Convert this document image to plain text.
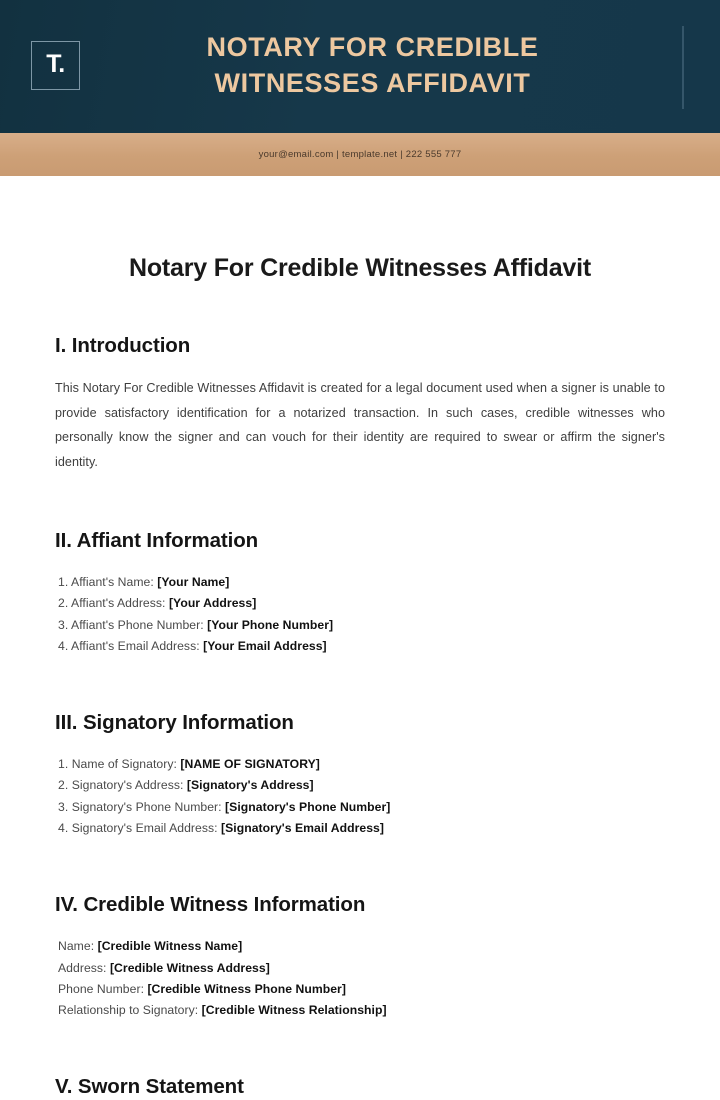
T.
NOTARY FOR CREDIBLE
WITNESSES AFFIDAVIT
your@email.com | template.net | 222 555 777
Notary For Credible Witnesses Affidavit
I. Introduction

This Notary For Credible Witnesses Affidavit is created for a legal document used when a signer is unable to provide satisfactory identification for a notarized transaction. In such cases, credible witnesses who personally know the signer and can vouch for their identity are required to swear or affirm the signer's identity.

II. Affiant Information
1. Affiant's Name: [Your Name]
2. Affiant's Address: [Your Address]
3. Affiant's Phone Number: [Your Phone Number]
4. Affiant's Email Address: [Your Email Address]
III. Signatory Information
1. Name of Signatory: [NAME OF SIGNATORY]
2. Signatory's Address: [Signatory's Address]
3. Signatory's Phone Number: [Signatory's Phone Number]
4. Signatory's Email Address: [Signatory's Email Address]
IV. Credible Witness Information
Name: [Credible Witness Name]
Address: [Credible Witness Address]
Phone Number: [Credible Witness Phone Number]
Relationship to Signatory: [Credible Witness Relationship]
V. Sworn Statement
